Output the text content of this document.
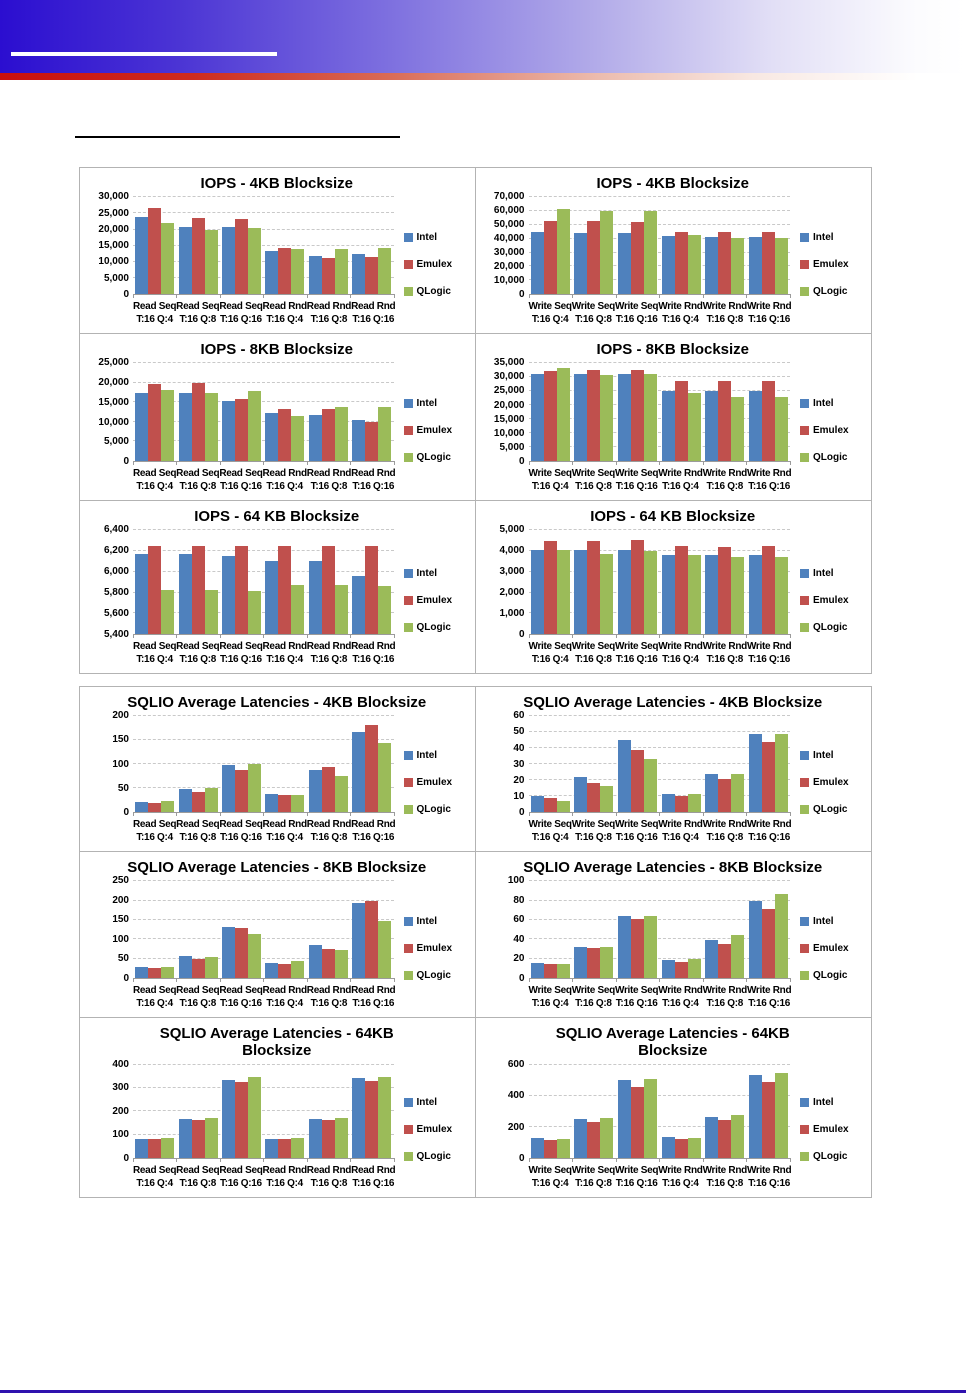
IOPS - 4KB Blocksize
0
5,000
10,000
15,000
20,000
25,000
30,000
Read Seq
T:16 Q:4
Read Seq
T:16 Q:8
Read Seq
T:16 Q:16
Read Rnd
T:16 Q:4
Read Rnd
T:16 Q:8
Read Rnd
T:16 Q:16
Intel
Emulex
QLogic
IOPS - 4KB Blocksize
0
10,000
20,000
30,000
40,000
50,000
60,000
70,000
Write Seq
T:16 Q:4
Write Seq
T:16 Q:8
Write Seq
T:16 Q:16
Write Rnd
T:16 Q:4
Write Rnd
T:16 Q:8
Write Rnd
T:16 Q:16
Intel
Emulex
QLogic
IOPS - 8KB Blocksize
0
5,000
10,000
15,000
20,000
25,000
Read Seq
T:16 Q:4
Read Seq
T:16 Q:8
Read Seq
T:16 Q:16
Read Rnd
T:16 Q:4
Read Rnd
T:16 Q:8
Read Rnd
T:16 Q:16
Intel
Emulex
QLogic
IOPS - 8KB Blocksize
0
5,000
10,000
15,000
20,000
25,000
30,000
35,000
Write Seq
T:16 Q:4
Write Seq
T:16 Q:8
Write Seq
T:16 Q:16
Write Rnd
T:16 Q:4
Write Rnd
T:16 Q:8
Write Rnd
T:16 Q:16
Intel
Emulex
QLogic
IOPS - 64 KB Blocksize
5,400
5,600
5,800
6,000
6,200
6,400
Read Seq
T:16 Q:4
Read Seq
T:16 Q:8
Read Seq
T:16 Q:16
Read Rnd
T:16 Q:4
Read Rnd
T:16 Q:8
Read Rnd
T:16 Q:16
Intel
Emulex
QLogic
IOPS - 64 KB Blocksize
0
1,000
2,000
3,000
4,000
5,000
Write Seq
T:16 Q:4
Write Seq
T:16 Q:8
Write Seq
T:16 Q:16
Write Rnd
T:16 Q:4
Write Rnd
T:16 Q:8
Write Rnd
T:16 Q:16
Intel
Emulex
QLogic
SQLIO Average Latencies - 4KB Blocksize
0
50
100
150
200
Read Seq
T:16 Q:4
Read Seq
T:16 Q:8
Read Seq
T:16 Q:16
Read Rnd
T:16 Q:4
Read Rnd
T:16 Q:8
Read Rnd
T:16 Q:16
Intel
Emulex
QLogic
SQLIO Average Latencies - 4KB Blocksize
0
10
20
30
40
50
60
Write Seq
T:16 Q:4
Write Seq
T:16 Q:8
Write Seq
T:16 Q:16
Write Rnd
T:16 Q:4
Write Rnd
T:16 Q:8
Write Rnd
T:16 Q:16
Intel
Emulex
QLogic
SQLIO Average Latencies - 8KB Blocksize
0
50
100
150
200
250
Read Seq
T:16 Q:4
Read Seq
T:16 Q:8
Read Seq
T:16 Q:16
Read Rnd
T:16 Q:4
Read Rnd
T:16 Q:8
Read Rnd
T:16 Q:16
Intel
Emulex
QLogic
SQLIO Average Latencies - 8KB Blocksize
0
20
40
60
80
100
Write Seq
T:16 Q:4
Write Seq
T:16 Q:8
Write Seq
T:16 Q:16
Write Rnd
T:16 Q:4
Write Rnd
T:16 Q:8
Write Rnd
T:16 Q:16
Intel
Emulex
QLogic
SQLIO Average Latencies - 64KB
Blocksize
0
100
200
300
400
Read Seq
T:16 Q:4
Read Seq
T:16 Q:8
Read Seq
T:16 Q:16
Read Rnd
T:16 Q:4
Read Rnd
T:16 Q:8
Read Rnd
T:16 Q:16
Intel
Emulex
QLogic
SQLIO Average Latencies - 64KB
Blocksize
0
200
400
600
Write Seq
T:16 Q:4
Write Seq
T:16 Q:8
Write Seq
T:16 Q:16
Write Rnd
T:16 Q:4
Write Rnd
T:16 Q:8
Write Rnd
T:16 Q:16
Intel
Emulex
QLogic
